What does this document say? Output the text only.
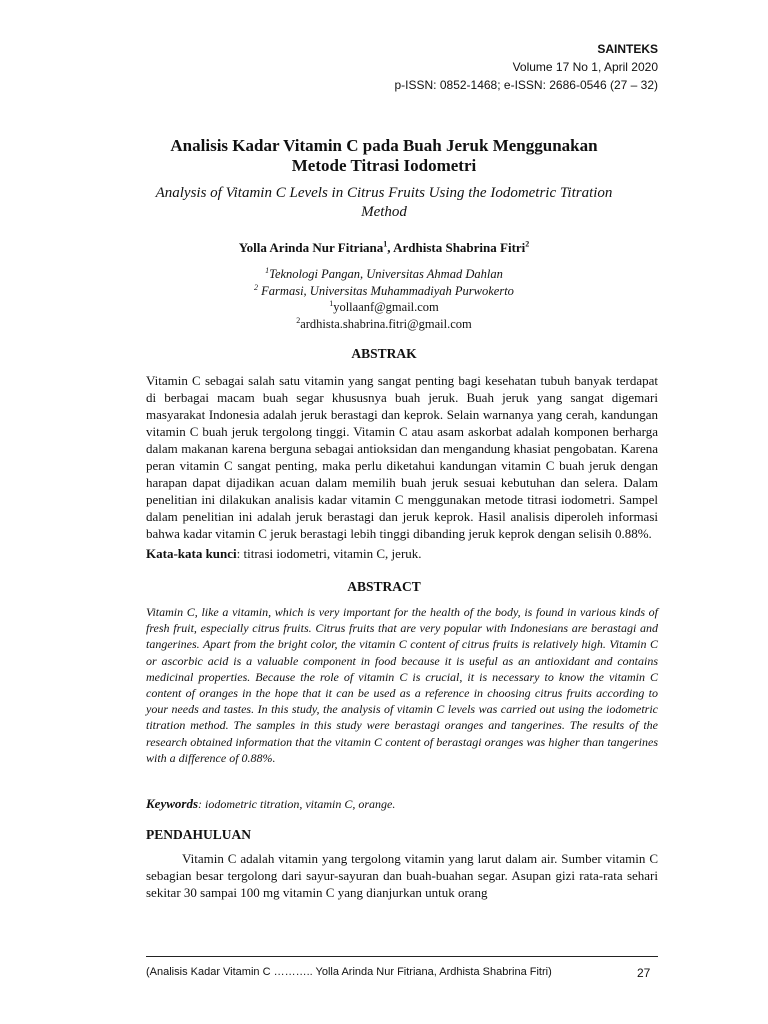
SAINTEKS
Volume 17 No 1, April 2020
p-ISSN: 0852-1468; e-ISSN: 2686-0546 (27 – 32)
Analisis Kadar Vitamin C pada Buah Jeruk Menggunakan Metode Titrasi Iodometri
Analysis of Vitamin C Levels in Citrus Fruits Using the Iodometric Titration Method
Yolla Arinda Nur Fitriana$^1$, Ardhista Shabrina Fitri$^2$
$^1$Teknologi Pangan, Universitas Ahmad Dahlan
$^2$ Farmasi, Universitas Muhammadiyah Purwokerto
$^1$yollaanf@gmail.com
$^2$ardhista.shabrina.fitri@gmail.com
ABSTRAK

Vitamin C sebagai salah satu vitamin yang sangat penting bagi kesehatan tubuh banyak terdapat di berbagai macam buah segar khususnya buah jeruk. Buah jeruk yang sangat digemari masyarakat Indonesia adalah jeruk berastagi dan keprok. Selain warnanya yang cerah, kandungan vitamin C buah jeruk tergolong tinggi. Vitamin C atau asam askorbat adalah komponen berharga dalam makanan karena berguna sebagai antioksidan dan mengandung khasiat pengobatan. Karena peran vitamin C sangat penting, maka perlu diketahui kandungan vitamin C buah jeruk dengan harapan dapat dijadikan acuan dalam memilih buah jeruk sesuai kebutuhan dan selera. Dalam penelitian ini dilakukan analisis kadar vitamin C menggunakan metode titrasi iodometri. Sampel dalam penelitian ini adalah jeruk berastagi dan jeruk keprok. Hasil analisis diperoleh informasi bahwa kadar vitamin C jeruk berastagi lebih tinggi dibanding jeruk keprok dengan selisih 0.88%.

Kata-kata kunci: titrasi iodometri, vitamin C, jeruk.
ABSTRACT

Vitamin C, like a vitamin, which is very important for the health of the body, is found in various kinds of fresh fruit, especially citrus fruits. Citrus fruits that are very popular with Indonesians are berastagi and tangerines. Apart from the bright color, the vitamin C content of citrus fruits is relatively high. Vitamin C or ascorbic acid is a valuable component in food because it is useful as an antioxidant and contains medicinal properties. Because the role of vitamin C is crucial, it is necessary to know the vitamin C content of oranges in the hope that it can be used as a reference in choosing citrus fruits according to your needs and tastes. In this study, the analysis of vitamin C levels was carried out using the iodometric titration method. The samples in this study were berastagi oranges and tangerines. The results of the research obtained information that the vitamin C content of berastagi oranges was higher than tangerines with a difference of 0.88%.

Keywords: iodometric titration, vitamin C, orange.
PENDAHULUAN

Vitamin C adalah vitamin yang tergolong vitamin yang larut dalam air. Sumber vitamin C sebagian besar tergolong dari sayur-sayuran dan buah-buahan segar. Asupan gizi rata-rata sehari sekitar 30 sampai 100 mg vitamin C yang dianjurkan untuk orang

(Analisis Kadar Vitamin C ……….. Yolla Arinda Nur Fitriana, Ardhista Shabrina Fitri)	27
